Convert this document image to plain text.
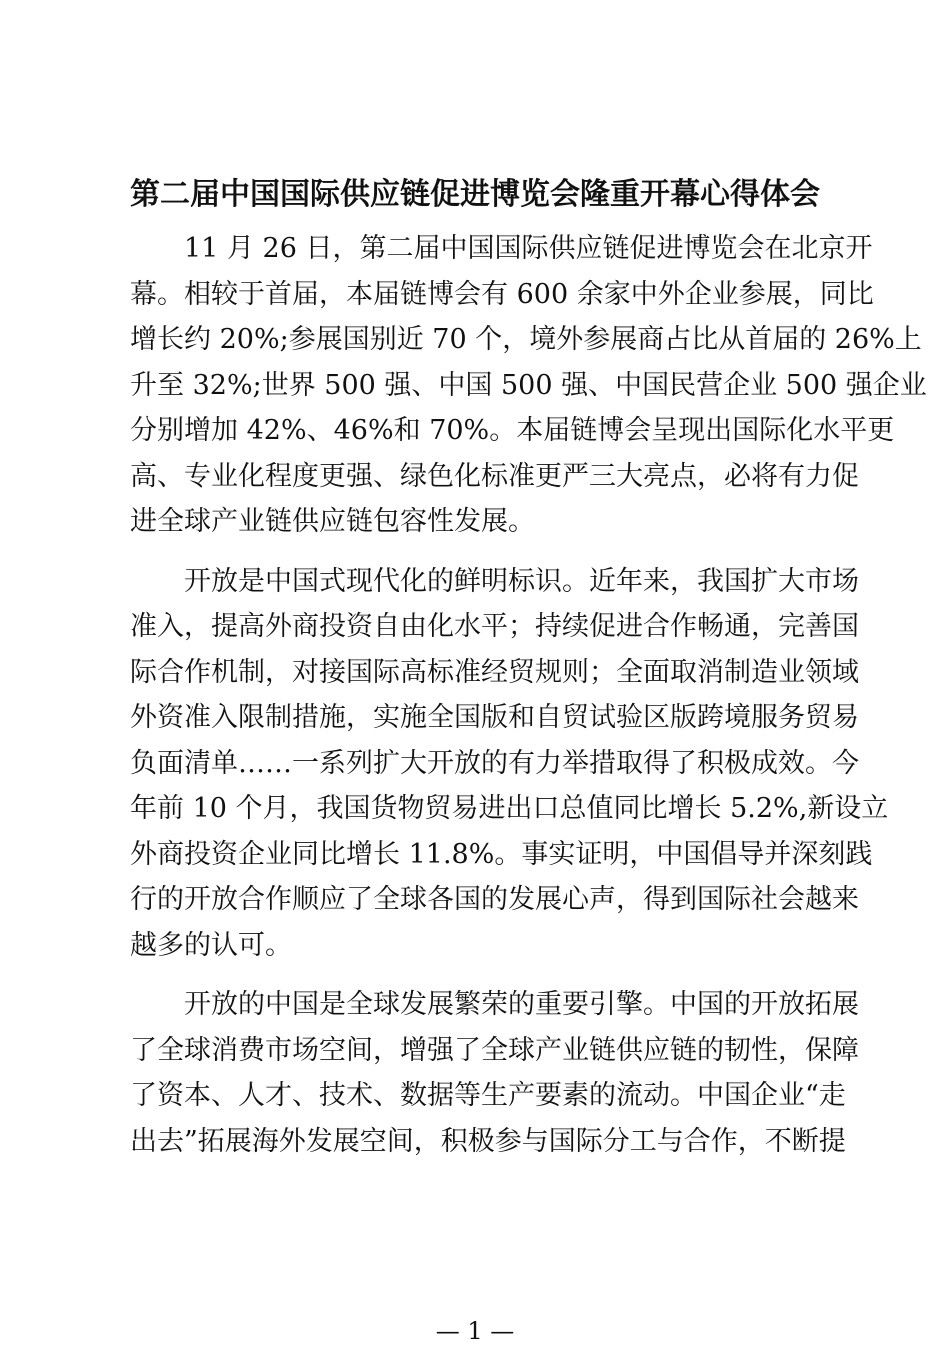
第二届中国国际供应链促进博览会隆重开幕心得体会

11 月 26 日，第二届中国国际供应链促进博览会在北京开
幕。相较于首届，本届链博会有 600 余家中外企业参展，同比
增长约 20%;参展国别近 70 个，境外参展商占比从首届的 26%上
升至 32%;世界 500 强、中国 500 强、中国民营企业 500 强企业
分别增加 42%、46%和 70%。本届链博会呈现出国际化水平更
高、专业化程度更强、绿色化标准更严三大亮点，必将有力促
进全球产业链供应链包容性发展。

开放是中国式现代化的鲜明标识。近年来，我国扩大市场
准入，提高外商投资自由化水平；持续促进合作畅通，完善国
际合作机制，对接国际高标准经贸规则；全面取消制造业领域
外资准入限制措施，实施全国版和自贸试验区版跨境服务贸易
负面清单……一系列扩大开放的有力举措取得了积极成效。今
年前 10 个月，我国货物贸易进出口总值同比增长 5.2%,新设立
外商投资企业同比增长 11.8%。事实证明，中国倡导并深刻践
行的开放合作顺应了全球各国的发展心声，得到国际社会越来
越多的认可。

开放的中国是全球发展繁荣的重要引擎。中国的开放拓展
了全球消费市场空间，增强了全球产业链供应链的韧性，保障
了资本、人才、技术、数据等生产要素的流动。中国企业“走
出去”拓展海外发展空间，积极参与国际分工与合作，不断提

— 1 —
